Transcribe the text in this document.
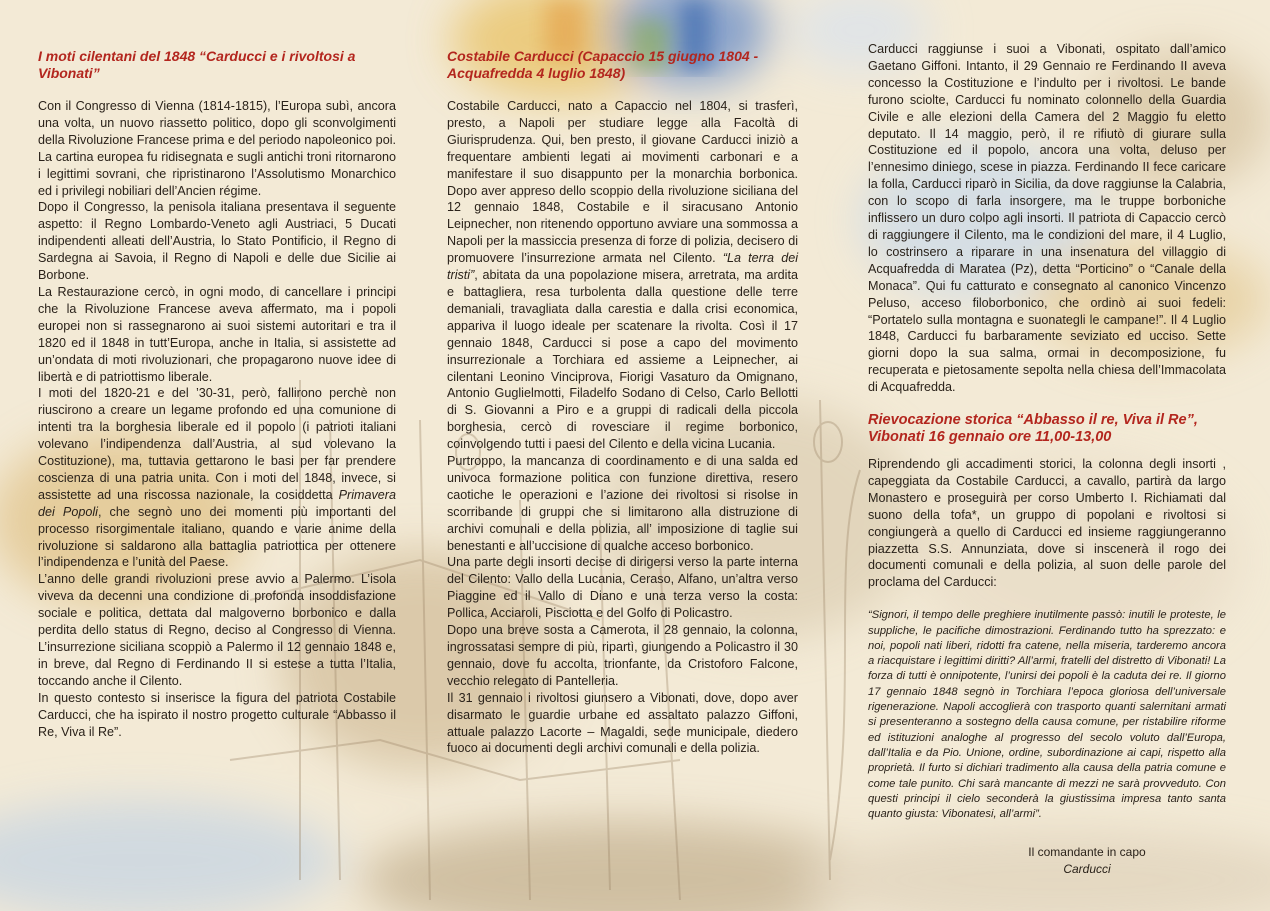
I moti cilentani del 1848 “Carducci e i rivoltosi a Vibonati”

Con il Congresso di Vienna (1814-1815), l’Europa subì, ancora una volta, un nuovo riassetto politico, dopo gli sconvolgimenti della Rivoluzione Francese prima e del periodo napoleonico poi. La cartina europea fu ridisegnata e sugli antichi troni ritornarono i legittimi sovrani, che ripristinarono l’Assolutismo Monarchico ed i privilegi nobiliari dell’Ancien régime.

Dopo il Congresso, la penisola italiana presentava il seguente aspetto: il Regno Lombardo-Veneto agli Austriaci, 5 Ducati indipendenti alleati dell’Austria, lo Stato Pontificio, il Regno di Sardegna ai Savoia, il Regno di Napoli e delle due Sicilie ai Borbone.

La Restaurazione cercò, in ogni modo, di cancellare i principi che la Rivoluzione Francese aveva affermato, ma i popoli europei non si rassegnarono ai suoi sistemi autoritari e tra il 1820 ed il 1848 in tutt’Europa, anche in Italia, si assistette ad un’ondata di moti rivoluzionari, che propagarono nuove idee di libertà e di patriottismo liberale.

I moti del 1820-21 e del ’30-31, però, fallirono perchè non riuscirono a creare un legame profondo ed una comunione di intenti tra la borghesia liberale ed il popolo (i patrioti italiani volevano l’indipendenza dall’Austria, al sud volevano la Costituzione), ma, tuttavia gettarono le basi per far prendere coscienza di una patria unita. Con i moti del 1848, invece, si assistette ad una riscossa nazionale, la cosiddetta Primavera dei Popoli, che segnò uno dei momenti più importanti del processo risorgimentale italiano, quando e varie anime della rivoluzione si saldarono alla battaglia patriottica per ottenere l’indipendenza e l’unità del Paese.

L’anno delle grandi rivoluzioni prese avvio a Palermo. L’isola viveva da decenni una condizione di profonda insoddisfazione sociale e politica, dettata dal malgoverno borbonico e dalla perdita dello status di Regno, deciso al Congresso di Vienna. L’insurrezione siciliana scoppiò a Palermo il 12 gennaio 1848 e, in breve, dal Regno di Ferdinando II si estese a tutta l’Italia, toccando anche il Cilento.

In questo contesto si inserisce la figura del patriota Costabile Carducci, che ha ispirato il nostro progetto culturale “Abbasso il Re, Viva il Re”.

Costabile Carducci (Capaccio 15 giugno 1804 - Acquafredda 4 luglio 1848)

Costabile Carducci, nato a Capaccio nel 1804, si trasferì, presto, a Napoli per studiare legge alla Facoltà di Giurisprudenza. Qui, ben presto, il giovane Carducci iniziò a frequentare ambienti legati ai movimenti carbonari e a manifestare il suo disappunto per la monarchia borbonica. Dopo aver appreso dello scoppio della rivoluzione siciliana del 12 gennaio 1848, Costabile e il siracusano Antonio Leipnecher, non ritenendo opportuno avviare una sommossa a Napoli per la massiccia presenza di forze di polizia, decisero di promuovere l’insurrezione armata nel Cilento. “La terra dei tristi”, abitata da una popolazione misera, arretrata, ma ardita e battagliera, resa turbolenta dalla questione delle terre demaniali, travagliata dalla carestia e dalla crisi economica, appariva il luogo ideale per scatenare la rivolta. Così il 17 gennaio 1848, Carducci si pose a capo del movimento insurrezionale a Torchiara ed assieme a Leipnecher, ai cilentani Leonino Vinciprova, Fiorigi Vasaturo da Omignano, Antonio Guglielmotti, Filadelfo Sodano di Celso, Carlo Bellotti di S. Giovanni a Piro e a gruppi di radicali della piccola borghesia, cercò di rovesciare il regime borbonico, coinvolgendo tutti i paesi del Cilento e della vicina Lucania.

Purtroppo, la mancanza di coordinamento e di una salda ed univoca formazione politica con funzione direttiva, resero caotiche le operazioni e l’azione dei rivoltosi si risolse in scorribande di gruppi che si limitarono alla distruzione di archivi comunali e della polizia, all’ imposizione di taglie sui benestanti e all’uccisione di qualche acceso borbonico.

Una parte degli insorti decise di dirigersi verso la parte interna del Cilento: Vallo della Lucania, Ceraso, Alfano, un’altra verso Piaggine ed il Vallo di Diano e una terza verso la costa: Pollica, Acciaroli, Pisciotta e del Golfo di Policastro.

Dopo una breve sosta a Camerota, il 28 gennaio, la colonna, ingrossatasi sempre di più, ripartì, giungendo a Policastro il 30 gennaio, dove fu accolta, trionfante, da Cristoforo Falcone, vecchio relegato di Pantelleria.

Il 31 gennaio i rivoltosi giunsero a Vibonati, dove, dopo aver disarmato le guardie urbane ed assaltato palazzo Giffoni, attuale palazzo Lacorte – Magaldi, sede municipale, diedero fuoco ai documenti degli archivi comunali e della polizia.

Carducci raggiunse i suoi a Vibonati, ospitato dall’amico Gaetano Giffoni. Intanto, il 29 Gennaio re Ferdinando II aveva concesso la Costituzione e l’indulto per i rivoltosi. Le bande furono sciolte, Carducci fu nominato colonnello della Guardia Civile e alle elezioni della Camera del 2 Maggio fu eletto deputato. Il 14 maggio, però, il re rifiutò di giurare sulla Costituzione ed il popolo, ancora una volta, deluso per l’ennesimo diniego, scese in piazza. Ferdinando II fece caricare la folla, Carducci riparò in Sicilia, da dove raggiunse la Calabria, con lo scopo di farla insorgere, ma le truppe borboniche inflissero un duro colpo agli insorti. Il patriota di Capaccio cercò di raggiungere il Cilento, ma le condizioni del mare, il 4 Luglio, lo costrinsero a riparare in una insenatura del villaggio di Acquafredda di Maratea (Pz), detta “Porticino” o “Canale della Monaca”. Qui fu catturato e consegnato al canonico Vincenzo Peluso, acceso filoborbonico, che ordinò ai suoi fedeli: “Portatelo sulla montagna e suonategli le campane!”. Il 4 Luglio 1848, Carducci fu barbaramente seviziato ed ucciso. Sette giorni dopo la sua salma, ormai in decomposizione, fu recuperata e pietosamente sepolta nella chiesa dell’Immacolata di Acquafredda.

Rievocazione storica “Abbasso il re, Viva il Re”, Vibonati 16 gennaio ore 11,00-13,00

Riprendendo gli accadimenti storici, la colonna degli insorti , capeggiata da Costabile Carducci, a cavallo, partirà da largo Monastero e proseguirà per corso Umberto I. Richiamati dal suono della tofa*, un gruppo di popolani e rivoltosi si congiungerà a quello di Carducci ed insieme raggiungeranno piazzetta S.S. Annunziata, dove si inscenerà il rogo dei documenti comunali e della polizia, al suon delle parole del proclama del Carducci:

“Signori, il tempo delle preghiere inutilmente passò: inutili le proteste, le suppliche, le pacifiche dimostrazioni. Ferdinando tutto ha sprezzato: e noi, popoli nati liberi, ridotti fra catene, nella miseria, tarderemo ancora a riacquistare i legittimi diritti? All’armi, fratelli del distretto di Vibonati! La forza di tutti è onnipotente, l’unirsi dei popoli è la caduta dei re. Il giorno 17 gennaio 1848 segnò in Torchiara l’epoca gloriosa dell’universale rigenerazione. Napoli accoglierà con trasporto quanti salernitani armati si presenteranno a sostegno della causa comune, per ristabilire riforme ed istituzioni analoghe al progresso del secolo voluto dall’Europa, dall’Italia e da Pio. Unione, ordine, subordinazione ai capi, rispetto alla proprietà. Il furto si dichiari tradimento alla causa della patria comune e come tale punito. Chi sarà mancante di mezzi ne sarà provveduto. Con questi principi il cielo seconderà la giustissima impresa tanto santa quanto giusta: Vibonatesi, all’armi”.
Il comandante in capo
Carducci
